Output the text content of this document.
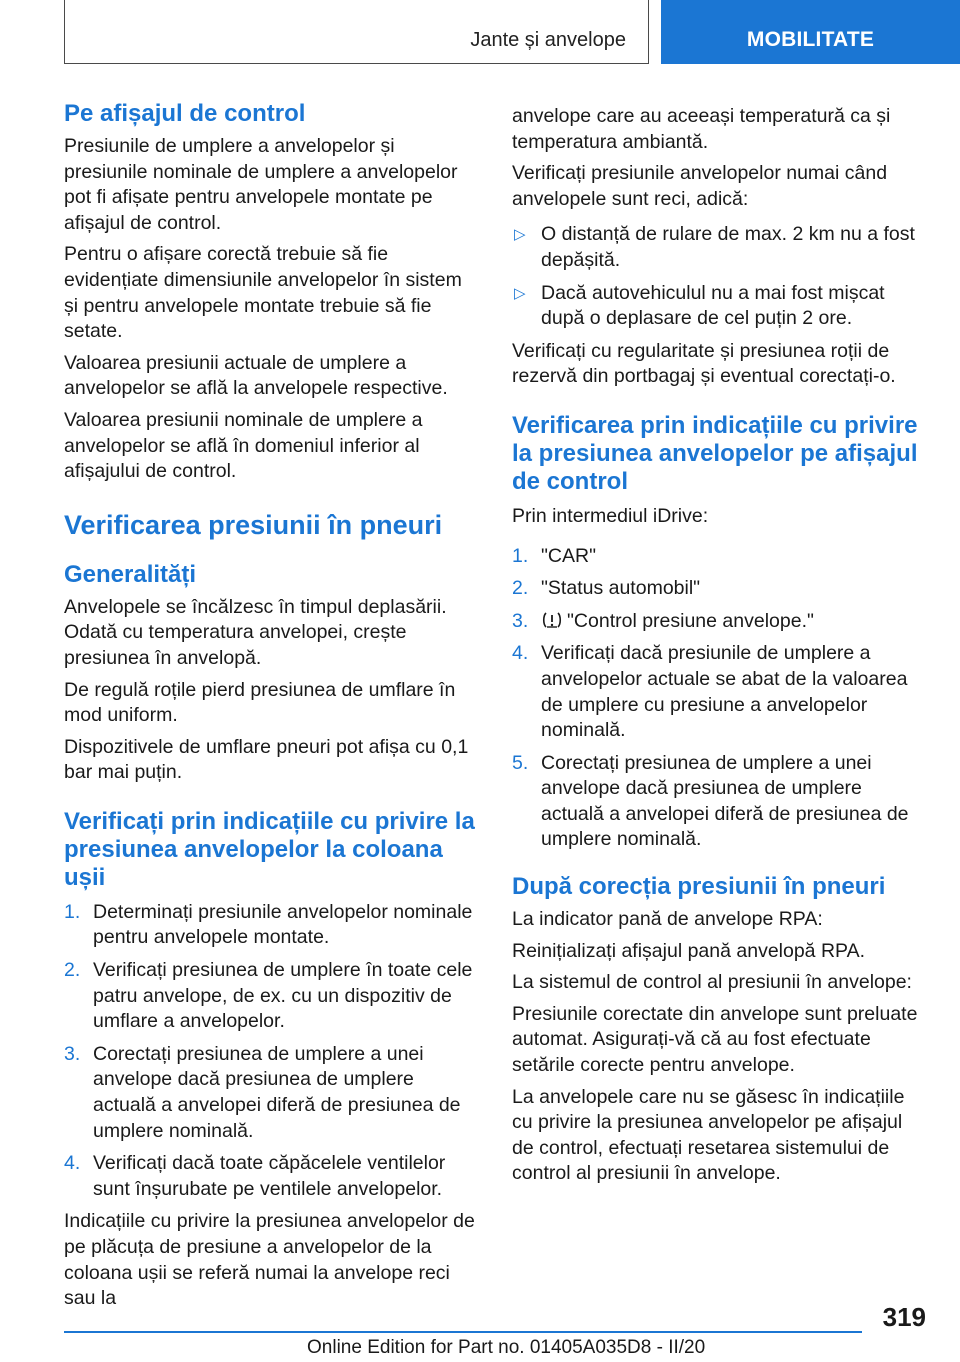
Jante și anvelope	MOBILITATE
Pe afișajul de control

Presiunile de umplere a anvelopelor și presiunile nominale de umplere a anvelopelor pot fi afișate pentru anvelopele montate pe afișajul de control.

Pentru o afișare corectă trebuie să fie evidențiate dimensiunile anvelopelor în sistem și pentru anvelopele montate trebuie să fie setate.

Valoarea presiunii actuale de umplere a anvelopelor se află la anvelopele respective.

Valoarea presiunii nominale de umplere a anvelopelor se află în domeniul inferior al afișajului de control.

Verificarea presiunii în pneuri
Generalități

Anvelopele se încălzesc în timpul deplasării. Odată cu temperatura anvelopei, crește presiunea în anvelopă.

De regulă roțile pierd presiunea de umflare în mod uniform.

Dispozitivele de umflare pneuri pot afișa cu 0,1 bar mai puțin.

Verificați prin indicațiile cu privire la presiunea anvelopelor la coloana ușii
1. Determinați presiunile anvelopelor nominale pentru anvelopele montate.
2. Verificați presiunea de umplere în toate cele patru anvelope, de ex. cu un dispozitiv de umflare a anvelopelor.
3. Corectați presiunea de umplere a unei anvelope dacă presiunea de umplere actuală a anvelopei diferă de presiunea de umplere nominală.
4. Verificați dacă toate căpăcelele ventilelor sunt înșurubate pe ventilele anvelopelor.

Indicațiile cu privire la presiunea anvelopelor de pe plăcuța de presiune a anvelopelor de la coloana ușii se referă numai la anvelope reci sau la

anvelope care au aceeași temperatură ca și temperatura ambiantă.

Verificați presiunile anvelopelor numai când anvelopele sunt reci, adică:

▷ O distanță de rulare de max. 2 km nu a fost depășită.
▷ Dacă autovehiculul nu a mai fost mișcat după o deplasare de cel puțin 2 ore.

Verificați cu regularitate și presiunea roții de rezervă din portbagaj și eventual corectați-o.

Verificarea prin indicațiile cu privire la presiunea anvelopelor pe afișajul de control

Prin intermediul iDrive:

1. "CAR"
2. "Status automobil"
3.	"Control presiune anvelope."
4. Verificați dacă presiunile de umplere a anvelopelor actuale se abat de la valoarea de umplere cu presiune a anvelopelor nominală.
5. Corectați presiunea de umplere a unei anvelope dacă presiunea de umplere actuală a anvelopei diferă de presiunea de umplere nominală.
După corecția presiunii în pneuri

La indicator pană de anvelope RPA:

Reinițializați afișajul pană anvelopă RPA.

La sistemul de control al presiunii în anvelope:

Presiunile corectate din anvelope sunt preluate automat. Asigurați-vă că au fost efectuate setările corecte pentru anvelope.

La anvelopele care nu se găsesc în indicațiile cu privire la presiunea anvelopelor pe afișajul de control, efectuați resetarea sistemului de control al presiunii în anvelope.

319
Online Edition for Part no. 01405A035D8 - II/20
